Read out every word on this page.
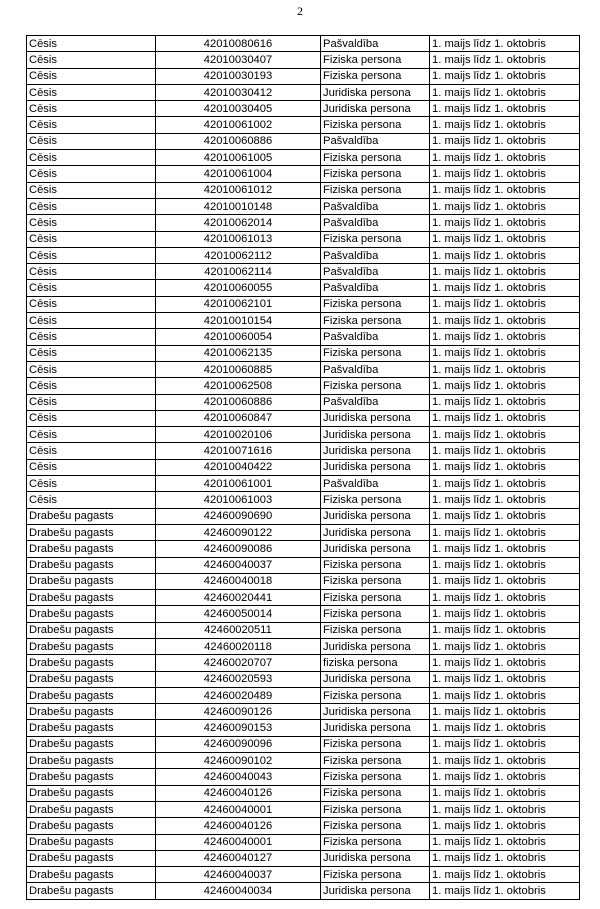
2
Cēsis	42010080616	Pašvaldība	1. maijs līdz 1. oktobris
Cēsis	42010030407	Fiziska persona	1. maijs līdz 1. oktobris
Cēsis	42010030193	Fiziska persona	1. maijs līdz 1. oktobris
Cēsis	42010030412	Juridiska persona	1. maijs līdz 1. oktobris
Cēsis	42010030405	Juridiska persona	1. maijs līdz 1. oktobris
Cēsis	42010061002	Fiziska persona	1. maijs līdz 1. oktobris
Cēsis	42010060886	Pašvaldība	1. maijs līdz 1. oktobris
Cēsis	42010061005	Fiziska persona	1. maijs līdz 1. oktobris
Cēsis	42010061004	Fiziska persona	1. maijs līdz 1. oktobris
Cēsis	42010061012	Fiziska persona	1. maijs līdz 1. oktobris
Cēsis	42010010148	Pašvaldība	1. maijs līdz 1. oktobris
Cēsis	42010062014	Pašvaldība	1. maijs līdz 1. oktobris
Cēsis	42010061013	Fiziska persona	1. maijs līdz 1. oktobris
Cēsis	42010062112	Pašvaldība	1. maijs līdz 1. oktobris
Cēsis	42010062114	Pašvaldība	1. maijs līdz 1. oktobris
Cēsis	42010060055	Pašvaldība	1. maijs līdz 1. oktobris
Cēsis	42010062101	Fiziska persona	1. maijs līdz 1. oktobris
Cēsis	42010010154	Fiziska persona	1. maijs līdz 1. oktobris
Cēsis	42010060054	Pašvaldība	1. maijs līdz 1. oktobris
Cēsis	42010062135	Fiziska persona	1. maijs līdz 1. oktobris
Cēsis	42010060885	Pašvaldība	1. maijs līdz 1. oktobris
Cēsis	42010062508	Fiziska persona	1. maijs līdz 1. oktobris
Cēsis	42010060886	Pašvaldība	1. maijs līdz 1. oktobris
Cēsis	42010060847	Juridiska persona	1. maijs līdz 1. oktobris
Cēsis	42010020106	Juridiska persona	1. maijs līdz 1. oktobris
Cēsis	42010071616	Juridiska persona	1. maijs līdz 1. oktobris
Cēsis	42010040422	Juridiska persona	1. maijs līdz 1. oktobris
Cēsis	42010061001	Pašvaldība	1. maijs līdz 1. oktobris
Cēsis	42010061003	Fiziska persona	1. maijs līdz 1. oktobris
Drabešu pagasts	42460090690	Juridiska persona	1. maijs līdz 1. oktobris
Drabešu pagasts	42460090122	Juridiska persona	1. maijs līdz 1. oktobris
Drabešu pagasts	42460090086	Juridiska persona	1. maijs līdz 1. oktobris
Drabešu pagasts	42460040037	Fiziska persona	1. maijs līdz 1. oktobris
Drabešu pagasts	42460040018	Fiziska persona	1. maijs līdz 1. oktobris
Drabešu pagasts	42460020441	Fiziska persona	1. maijs līdz 1. oktobris
Drabešu pagasts	42460050014	Fiziska persona	1. maijs līdz 1. oktobris
Drabešu pagasts	42460020511	Fiziska persona	1. maijs līdz 1. oktobris
Drabešu pagasts	42460020118	Juridiska persona	1. maijs līdz 1. oktobris
Drabešu pagasts	42460020707	fiziska persona	1. maijs līdz 1. oktobris
Drabešu pagasts	42460020593	Juridiska persona	1. maijs līdz 1. oktobris
Drabešu pagasts	42460020489	Fiziska persona	1. maijs līdz 1. oktobris
Drabešu pagasts	42460090126	Juridiska persona	1. maijs līdz 1. oktobris
Drabešu pagasts	42460090153	Juridiska persona	1. maijs līdz 1. oktobris
Drabešu pagasts	42460090096	Fiziska persona	1. maijs līdz 1. oktobris
Drabešu pagasts	42460090102	Fiziska persona	1. maijs līdz 1. oktobris
Drabešu pagasts	42460040043	Fiziska persona	1. maijs līdz 1. oktobris
Drabešu pagasts	42460040126	Fiziska persona	1. maijs līdz 1. oktobris
Drabešu pagasts	42460040001	Fiziska persona	1. maijs līdz 1. oktobris
Drabešu pagasts	42460040126	Fiziska persona	1. maijs līdz 1. oktobris
Drabešu pagasts	42460040001	Fiziska persona	1. maijs līdz 1. oktobris
Drabešu pagasts	42460040127	Juridiska persona	1. maijs līdz 1. oktobris
Drabešu pagasts	42460040037	Fiziska persona	1. maijs līdz 1. oktobris
Drabešu pagasts	42460040034	Juridiska persona	1. maijs līdz 1. oktobris
